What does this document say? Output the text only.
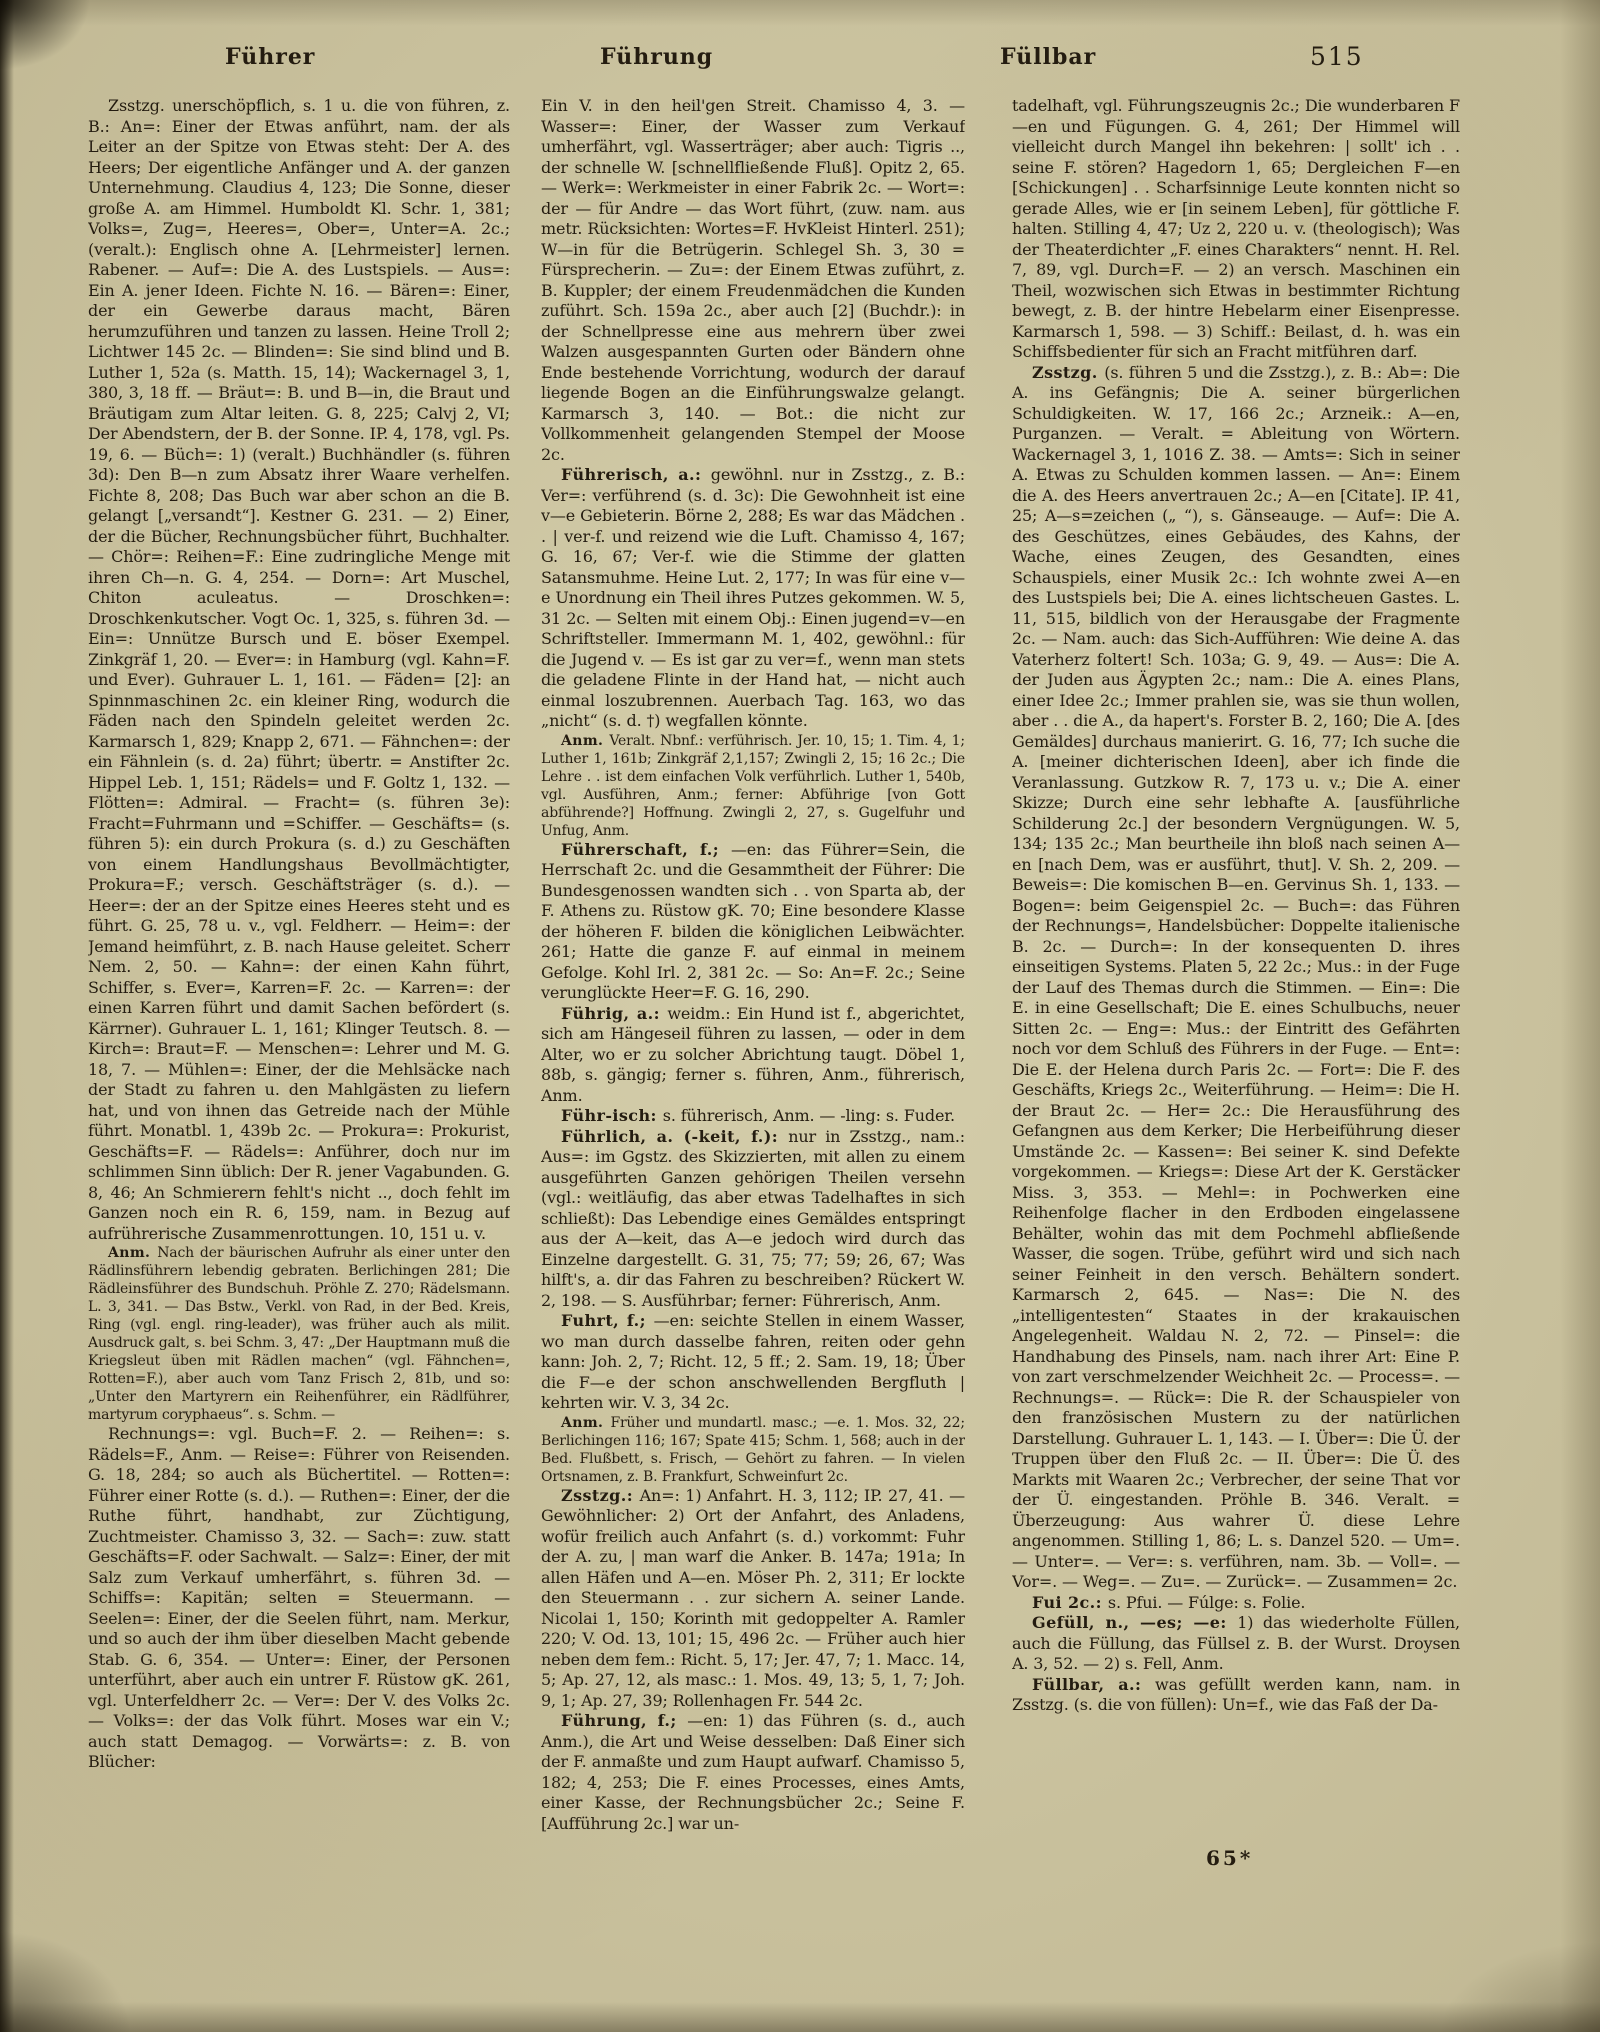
Führer	Führung	Füllbar	515

Zsstzg. unerschöpflich, s. 1 u. die von führen, z. B.: An=: Einer der Etwas anführt, nam. der als Leiter an der Spitze von Etwas steht: Der A. des Heers; Der eigentliche Anfänger und A. der ganzen Unternehmung. Claudius 4, 123; Die Sonne, dieser große A. am Himmel. Humboldt Kl. Schr. 1, 381; Volks=, Zug=, Heeres=, Ober=, Unter=A. 2c.; (veralt.): Englisch ohne A. [Lehrmeister] lernen. Rabener. — Auf=: Die A. des Lustspiels. — Aus=: Ein A. jener Ideen. Fichte N. 16. — Bären=: Einer, der ein Gewerbe daraus macht, Bären herumzuführen und tanzen zu lassen. Heine Troll 2; Lichtwer 145 2c. — Blinden=: Sie sind blind und B. Luther 1, 52a (s. Matth. 15, 14); Wackernagel 3, 1, 380, 3, 18 ff. — Bräut=: B. und B—in, die Braut und Bräutigam zum Altar leiten. G. 8, 225; Calvj 2, VI; Der Abendstern, der B. der Sonne. IP. 4, 178, vgl. Ps. 19, 6. — Büch=: 1) (veralt.) Buchhändler (s. führen 3d): Den B—n zum Absatz ihrer Waare verhelfen. Fichte 8, 208; Das Buch war aber schon an die B. gelangt [„versandt“]. Kestner G. 231. — 2) Einer, der die Bücher, Rechnungsbücher führt, Buchhalter. — Chör=: Reihen=F.: Eine zudringliche Menge mit ihren Ch—n. G. 4, 254. — Dorn=: Art Muschel, Chiton aculeatus. — Droschken=: Droschkenkutscher. Vogt Oc. 1, 325, s. führen 3d. — Ein=: Unnütze Bursch und E. böser Exempel. Zinkgräf 1, 20. — Ever=: in Hamburg (vgl. Kahn=F. und Ever). Guhrauer L. 1, 161. — Fäden= [2]: an Spinnmaschinen 2c. ein kleiner Ring, wodurch die Fäden nach den Spindeln geleitet werden 2c. Karmarsch 1, 829; Knapp 2, 671. — Fähnchen=: der ein Fähnlein (s. d. 2a) führt; übertr. = Anstifter 2c. Hippel Leb. 1, 151; Rädels= und F. Goltz 1, 132. — Flötten=: Admiral. — Fracht= (s. führen 3e): Fracht=Fuhrmann und =Schiffer. — Geschäfts= (s. führen 5): ein durch Prokura (s. d.) zu Geschäften von einem Handlungshaus Bevollmächtigter, Prokura=F.; versch. Geschäftsträger (s. d.). — Heer=: der an der Spitze eines Heeres steht und es führt. G. 25, 78 u. v., vgl. Feldherr. — Heim=: der Jemand heimführt, z. B. nach Hause geleitet. Scherr Nem. 2, 50. — Kahn=: der einen Kahn führt, Schiffer, s. Ever=, Karren=F. 2c. — Karren=: der einen Karren führt und damit Sachen befördert (s. Kärrner). Guhrauer L. 1, 161; Klinger Teutsch. 8. — Kirch=: Braut=F. — Menschen=: Lehrer und M. G. 18, 7. — Mühlen=: Einer, der die Mehlsäcke nach der Stadt zu fahren u. den Mahlgästen zu liefern hat, und von ihnen das Getreide nach der Mühle führt. Monatbl. 1, 439b 2c. — Prokura=: Prokurist, Geschäfts=F. — Rädels=: Anführer, doch nur im schlimmen Sinn üblich: Der R. jener Vagabunden. G. 8, 46; An Schmierern fehlt's nicht .., doch fehlt im Ganzen noch ein R. 6, 159, nam. in Bezug auf aufrührerische Zusammenrottungen. 10, 151 u. v.

Anm. Nach der bäurischen Aufruhr als einer unter den Rädlinsführern lebendig gebraten. Berlichingen 281; Die Rädleinsführer des Bundschuh. Pröhle Z. 270; Rädelsmann. L. 3, 341. — Das Bstw., Verkl. von Rad, in der Bed. Kreis, Ring (vgl. engl. ring-leader), was früher auch als milit. Ausdruck galt, s. bei Schm. 3, 47: „Der Hauptmann muß die Kriegsleut üben mit Rädlen machen“ (vgl. Fähnchen=, Rotten=F.), aber auch vom Tanz Frisch 2, 81b, und so: „Unter den Martyrern ein Reihenführer, ein Rädlführer, martyrum coryphaeus“. s. Schm. —

Rechnungs=: vgl. Buch=F. 2. — Reihen=: s. Rädels=F., Anm. — Reise=: Führer von Reisenden. G. 18, 284; so auch als Büchertitel. — Rotten=: Führer einer Rotte (s. d.). — Ruthen=: Einer, der die Ruthe führt, handhabt, zur Züchtigung, Zuchtmeister. Chamisso 3, 32. — Sach=: zuw. statt Geschäfts=F. oder Sachwalt. — Salz=: Einer, der mit Salz zum Verkauf umherfährt, s. führen 3d. — Schiffs=: Kapitän; selten = Steuermann. — Seelen=: Einer, der die Seelen führt, nam. Merkur, und so auch der ihm über dieselben Macht gebende Stab. G. 6, 354. — Unter=: Einer, der Personen unterführt, aber auch ein untrer F. Rüstow gK. 261, vgl. Unterfeldherr 2c. — Ver=: Der V. des Volks 2c. — Volks=: der das Volk führt. Moses war ein V.; auch statt Demagog. — Vorwärts=: z. B. von Blücher:

Ein V. in den heil'gen Streit. Chamisso 4, 3. — Wasser=: Einer, der Wasser zum Verkauf umherfährt, vgl. Wasserträger; aber auch: Tigris .., der schnelle W. [schnellfließende Fluß]. Opitz 2, 65. — Werk=: Werkmeister in einer Fabrik 2c. — Wort=: der — für Andre — das Wort führt, (zuw. nam. aus metr. Rücksichten: Wortes=F. HvKleist Hinterl. 251); W—in für die Betrügerin. Schlegel Sh. 3, 30 = Fürsprecherin. — Zu=: der Einem Etwas zuführt, z. B. Kuppler; der einem Freudenmädchen die Kunden zuführt. Sch. 159a 2c., aber auch [2] (Buchdr.): in der Schnellpresse eine aus mehrern über zwei Walzen ausgespannten Gurten oder Bändern ohne Ende bestehende Vorrichtung, wodurch der darauf liegende Bogen an die Einführungswalze gelangt. Karmarsch 3, 140. — Bot.: die nicht zur Vollkommenheit gelangenden Stempel der Moose 2c.

Führerisch, a.: gewöhnl. nur in Zsstzg., z. B.: Ver=: verführend (s. d. 3c): Die Gewohnheit ist eine v—e Gebieterin. Börne 2, 288; Es war das Mädchen . . | ver-f. und reizend wie die Luft. Chamisso 4, 167; G. 16, 67; Ver-f. wie die Stimme der glatten Satansmuhme. Heine Lut. 2, 177; In was für eine v—e Unordnung ein Theil ihres Putzes gekommen. W. 5, 31 2c. — Selten mit einem Obj.: Einen jugend=v—en Schriftsteller. Immermann M. 1, 402, gewöhnl.: für die Jugend v. — Es ist gar zu ver=f., wenn man stets die geladene Flinte in der Hand hat, — nicht auch einmal loszubrennen. Auerbach Tag. 163, wo das „nicht“ (s. d. †) wegfallen könnte.

Anm. Veralt. Nbnf.: verführisch. Jer. 10, 15; 1. Tim. 4, 1; Luther 1, 161b; Zinkgräf 2,1,157; Zwingli 2, 15; 16 2c.; Die Lehre . . ist dem einfachen Volk verführlich. Luther 1, 540b, vgl. Ausführen, Anm.; ferner: Abführige [von Gott abführende?] Hoffnung. Zwingli 2, 27, s. Gugelfuhr und Unfug, Anm.

Führerschaft, f.; —en: das Führer=Sein, die Herrschaft 2c. und die Gesammtheit der Führer: Die Bundesgenossen wandten sich . . von Sparta ab, der F. Athens zu. Rüstow gK. 70; Eine besondere Klasse der höheren F. bilden die königlichen Leibwächter. 261; Hatte die ganze F. auf einmal in meinem Gefolge. Kohl Irl. 2, 381 2c. — So: An=F. 2c.; Seine verunglückte Heer=F. G. 16, 290.

Führig, a.: weidm.: Ein Hund ist f., abgerichtet, sich am Hängeseil führen zu lassen, — oder in dem Alter, wo er zu solcher Abrichtung taugt. Döbel 1, 88b, s. gängig; ferner s. führen, Anm., führerisch, Anm.

Führ-isch: s. führerisch, Anm. — -ling: s. Fuder.

Führlich, a. (-keit, f.): nur in Zsstzg., nam.: Aus=: im Ggstz. des Skizzierten, mit allen zu einem ausgeführten Ganzen gehörigen Theilen versehn (vgl.: weitläufig, das aber etwas Tadelhaftes in sich schließt): Das Lebendige eines Gemäldes entspringt aus der A—keit, das A—e jedoch wird durch das Einzelne dargestellt. G. 31, 75; 77; 59; 26, 67; Was hilft's, a. dir das Fahren zu beschreiben? Rückert W. 2, 198. — S. Ausführbar; ferner: Führerisch, Anm.

Fuhrt, f.; —en: seichte Stellen in einem Wasser, wo man durch dasselbe fahren, reiten oder gehn kann: Joh. 2, 7; Richt. 12, 5 ff.; 2. Sam. 19, 18; Über die F—e der schon anschwellenden Bergfluth | kehrten wir. V. 3, 34 2c.

Anm. Früher und mundartl. masc.; —e. 1. Mos. 32, 22; Berlichingen 116; 167; Spate 415; Schm. 1, 568; auch in der Bed. Flußbett, s. Frisch, — Gehört zu fahren. — In vielen Ortsnamen, z. B. Frankfurt, Schweinfurt 2c.

Zsstzg.: An=: 1) Anfahrt. H. 3, 112; IP. 27, 41. — Gewöhnlicher: 2) Ort der Anfahrt, des Anladens, wofür freilich auch Anfahrt (s. d.) vorkommt: Fuhr der A. zu, | man warf die Anker. B. 147a; 191a; In allen Häfen und A—en. Möser Ph. 2, 311; Er lockte den Steuermann . . zur sichern A. seiner Lande. Nicolai 1, 150; Korinth mit gedoppelter A. Ramler 220; V. Od. 13, 101; 15, 496 2c. — Früher auch hier neben dem fem.: Richt. 5, 17; Jer. 47, 7; 1. Macc. 14, 5; Ap. 27, 12, als masc.: 1. Mos. 49, 13; 5, 1, 7; Joh. 9, 1; Ap. 27, 39; Rollenhagen Fr. 544 2c.

Führung, f.; —en: 1) das Führen (s. d., auch Anm.), die Art und Weise desselben: Daß Einer sich der F. anmaßte und zum Haupt aufwarf. Chamisso 5, 182; 4, 253; Die F. eines Processes, eines Amts, einer Kasse, der Rechnungsbücher 2c.; Seine F. [Aufführung 2c.] war un-

tadelhaft, vgl. Führungszeugnis 2c.; Die wunderbaren F—en und Fügungen. G. 4, 261; Der Himmel will vielleicht durch Mangel ihn bekehren: | sollt' ich . . seine F. stören? Hagedorn 1, 65; Dergleichen F—en [Schickungen] . . Scharfsinnige Leute konnten nicht so gerade Alles, wie er [in seinem Leben], für göttliche F. halten. Stilling 4, 47; Uz 2, 220 u. v. (theologisch); Was der Theaterdichter „F. eines Charakters“ nennt. H. Rel. 7, 89, vgl. Durch=F. — 2) an versch. Maschinen ein Theil, wozwischen sich Etwas in bestimmter Richtung bewegt, z. B. der hintre Hebelarm einer Eisenpresse. Karmarsch 1, 598. — 3) Schiff.: Beilast, d. h. was ein Schiffsbedienter für sich an Fracht mitführen darf.

Zsstzg. (s. führen 5 und die Zsstzg.), z. B.: Ab=: Die A. ins Gefängnis; Die A. seiner bürgerlichen Schuldigkeiten. W. 17, 166 2c.; Arzneik.: A—en, Purganzen. — Veralt. = Ableitung von Wörtern. Wackernagel 3, 1, 1016 Z. 38. — Amts=: Sich in seiner A. Etwas zu Schulden kommen lassen. — An=: Einem die A. des Heers anvertrauen 2c.; A—en [Citate]. IP. 41, 25; A—s=zeichen („ “), s. Gänseauge. — Auf=: Die A. des Geschützes, eines Gebäudes, des Kahns, der Wache, eines Zeugen, des Gesandten, eines Schauspiels, einer Musik 2c.: Ich wohnte zwei A—en des Lustspiels bei; Die A. eines lichtscheuen Gastes. L. 11, 515, bildlich von der Herausgabe der Fragmente 2c. — Nam. auch: das Sich-Aufführen: Wie deine A. das Vaterherz foltert! Sch. 103a; G. 9, 49. — Aus=: Die A. der Juden aus Ägypten 2c.; nam.: Die A. eines Plans, einer Idee 2c.; Immer prahlen sie, was sie thun wollen, aber . . die A., da hapert's. Forster B. 2, 160; Die A. [des Gemäldes] durchaus manierirt. G. 16, 77; Ich suche die A. [meiner dichterischen Ideen], aber ich finde die Veranlassung. Gutzkow R. 7, 173 u. v.; Die A. einer Skizze; Durch eine sehr lebhafte A. [ausführliche Schilderung 2c.] der besondern Vergnügungen. W. 5, 134; 135 2c.; Man beurtheile ihn bloß nach seinen A—en [nach Dem, was er ausführt, thut]. V. Sh. 2, 209. — Beweis=: Die komischen B—en. Gervinus Sh. 1, 133. — Bogen=: beim Geigenspiel 2c. — Buch=: das Führen der Rechnungs=, Handelsbücher: Doppelte italienische B. 2c. — Durch=: In der konsequenten D. ihres einseitigen Systems. Platen 5, 22 2c.; Mus.: in der Fuge der Lauf des Themas durch die Stimmen. — Ein=: Die E. in eine Gesellschaft; Die E. eines Schulbuchs, neuer Sitten 2c. — Eng=: Mus.: der Eintritt des Gefährten noch vor dem Schluß des Führers in der Fuge. — Ent=: Die E. der Helena durch Paris 2c. — Fort=: Die F. des Geschäfts, Kriegs 2c., Weiterführung. — Heim=: Die H. der Braut 2c. — Her= 2c.: Die Herausführung des Gefangnen aus dem Kerker; Die Herbeiführung dieser Umstände 2c. — Kassen=: Bei seiner K. sind Defekte vorgekommen. — Kriegs=: Diese Art der K. Gerstäcker Miss. 3, 353. — Mehl=: in Pochwerken eine Reihenfolge flacher in den Erdboden eingelassene Behälter, wohin das mit dem Pochmehl abfließende Wasser, die sogen. Trübe, geführt wird und sich nach seiner Feinheit in den versch. Behältern sondert. Karmarsch 2, 645. — Nas=: Die N. des „intelligentesten“ Staates in der krakauischen Angelegenheit. Waldau N. 2, 72. — Pinsel=: die Handhabung des Pinsels, nam. nach ihrer Art: Eine P. von zart verschmelzender Weichheit 2c. — Process=. — Rechnungs=. — Rück=: Die R. der Schauspieler von den französischen Mustern zu der natürlichen Darstellung. Guhrauer L. 1, 143. — I. Über=: Die Ü. der Truppen über den Fluß 2c. — II. Über=: Die Ü. des Markts mit Waaren 2c.; Verbrecher, der seine That vor der Ü. eingestanden. Pröhle B. 346. Veralt. = Überzeugung: Aus wahrer Ü. diese Lehre angenommen. Stilling 1, 86; L. s. Danzel 520. — Um=. — Unter=. — Ver=: s. verführen, nam. 3b. — Voll=. — Vor=. — Weg=. — Zu=. — Zurück=. — Zusammen= 2c.

Fui 2c.: s. Pfui. — Fúlge: s. Folie.

Gefüll, n., —es; —e: 1) das wiederholte Füllen, auch die Füllung, das Füllsel z. B. der Wurst. Droysen A. 3, 52. — 2) s. Fell, Anm.

Füllbar, a.: was gefüllt werden kann, nam. in Zsstzg. (s. die von füllen): Un=f., wie das Faß der Da-

65*
